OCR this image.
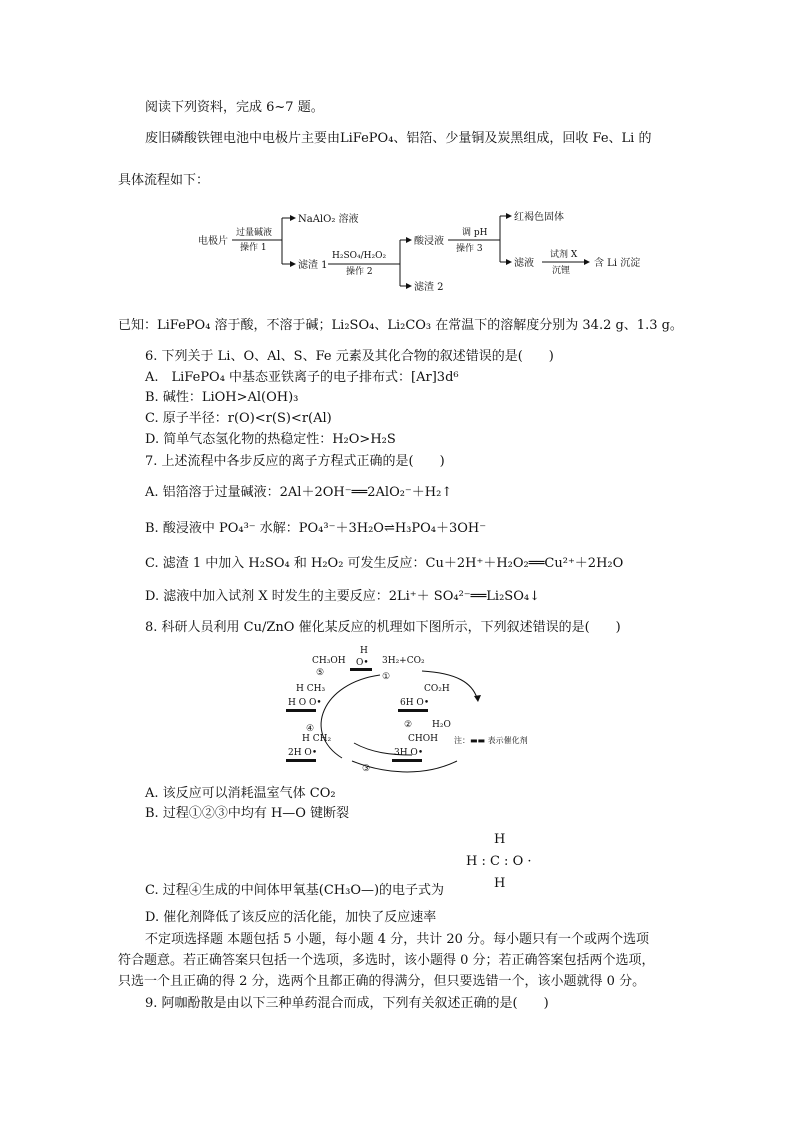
阅读下列资料，完成 6~7 题。
废旧磷酸铁锂电池中电极片主要由LiFePO₄、铝箔、少量铜及炭黑组成，回收 Fe、Li 的
具体流程如下：
电极片
过量碱液
操作 1
NaAlO₂ 溶液
滤渣 1
H₂SO₄/H₂O₂
操作 2
酸浸液
滤渣 2
调 pH
操作 3
红褐色固体
滤液
试剂 X
沉锂
含 Li 沉淀
已知：LiFePO₄ 溶于酸，不溶于碱；Li₂SO₄、Li₂CO₃ 在常温下的溶解度分别为 34.2 g、1.3 g。
6. 下列关于 Li、O、Al、S、Fe 元素及其化合物的叙述错误的是(　　)
A.　LiFePO₄ 中基态亚铁离子的电子排布式：[Ar]3d⁶
B. 碱性：LiOH>Al(OH)₃
C. 原子半径：r(O)<r(S)<r(Al)
D. 简单气态氢化物的热稳定性：H₂O>H₂S
7. 上述流程中各步反应的离子方程式正确的是(　　)
A. 铝箔溶于过量碱液：2Al＋2OH⁻══2AlO₂⁻＋H₂↑
B. 酸浸液中 PO₄³⁻ 水解：PO₄³⁻＋3H₂O⇌H₃PO₄＋3OH⁻
C. 滤渣 1 中加入 H₂SO₄ 和 H₂O₂ 可发生反应：Cu＋2H⁺＋H₂O₂══Cu²⁺＋2H₂O
D. 滤液中加入试剂 X 时发生的主要反应：2Li⁺＋ SO₄²⁻══Li₂SO₄↓
8. 科研人员利用 Cu/ZnO 催化某反应的机理如下图所示，下列叙述错误的是(　　)
CH₃OH
H
O• 3H₂+CO₂
①
CO₂H
6H O•
② H₂O
CHOH
3H O•
③
H CH₂
2H O•
④
H CH₃
H O O•
⑤
注：▬▬ 表示催化剂
A. 该反应可以消耗温室气体 CO₂
B. 过程①②③中均有 H—O 键断裂
H
H : C : O ·
H
C. 过程④生成的中间体甲氧基(CH₃O—)的电子式为
D. 催化剂降低了该反应的活化能，加快了反应速率
不定项选择题 本题包括 5 小题，每小题 4 分，共计 20 分。每小题只有一个或两个选项
符合题意。若正确答案只包括一个选项，多选时，该小题得 0 分；若正确答案包括两个选项，
只选一个且正确的得 2 分，选两个且都正确的得满分，但只要选错一个，该小题就得 0 分。
9. 阿咖酚散是由以下三种单药混合而成，下列有关叙述正确的是(　　)
